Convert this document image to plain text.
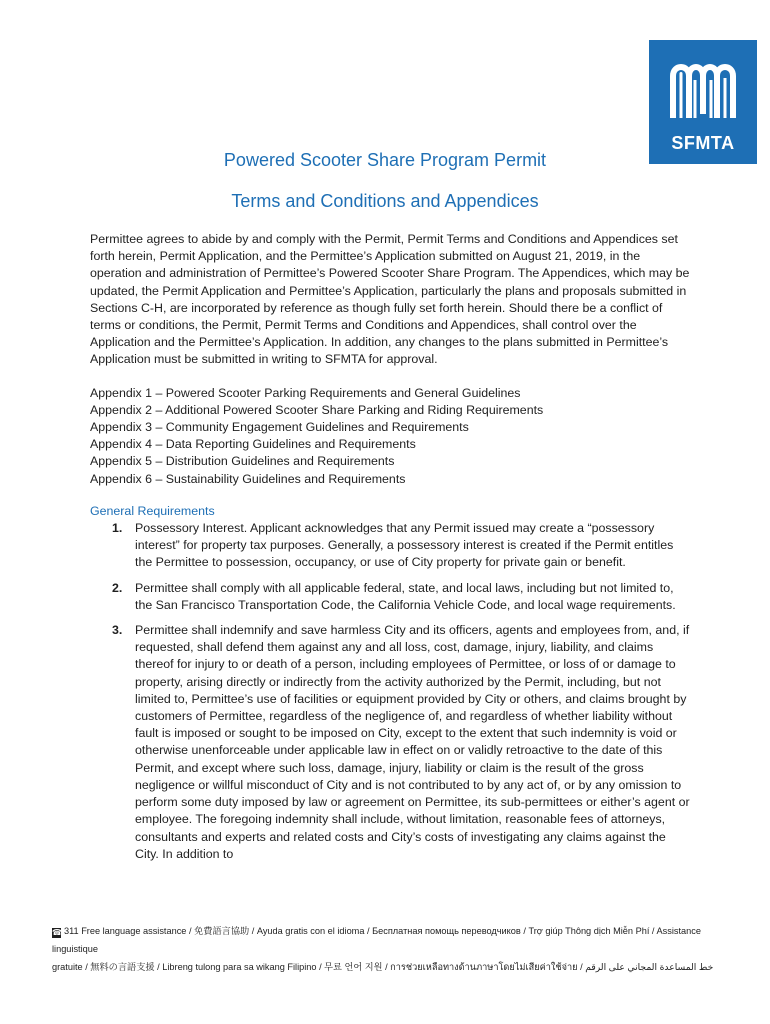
SFMTA
Powered Scooter Share Program Permit
Terms and Conditions and Appendices

Permittee agrees to abide by and comply with the Permit, Permit Terms and Conditions and Appendices set forth herein, Permit Application, and the Permittee’s Application submitted on August 21, 2019, in the operation and administration of Permittee’s Powered Scooter Share Program. The Appendices, which may be updated, the Permit Application and Permittee’s Application, particularly the plans and proposals submitted in Sections C-H, are incorporated by reference as though fully set forth herein. Should there be a conflict of terms or conditions, the Permit, Permit Terms and Conditions and Appendices, shall control over the Application and the Permittee’s Application. In addition, any changes to the plans submitted in Permittee’s Application must be submitted in writing to SFMTA for approval.

Appendix 1 – Powered Scooter Parking Requirements and General Guidelines
Appendix 2 – Additional Powered Scooter Share Parking and Riding Requirements
Appendix 3 – Community Engagement Guidelines and Requirements
Appendix 4 – Data Reporting Guidelines and Requirements
Appendix 5 – Distribution Guidelines and Requirements
Appendix 6 – Sustainability Guidelines and Requirements
General Requirements
1. Possessory Interest. Applicant acknowledges that any Permit issued may create a “possessory interest” for property tax purposes. Generally, a possessory interest is created if the Permit entitles the Permittee to possession, occupancy, or use of City property for private gain or benefit.
2. Permittee shall comply with all applicable federal, state, and local laws, including but not limited to, the San Francisco Transportation Code, the California Vehicle Code, and local wage requirements.
3. Permittee shall indemnify and save harmless City and its officers, agents and employees from, and, if requested, shall defend them against any and all loss, cost, damage, injury, liability, and claims thereof for injury to or death of a person, including employees of Permittee, or loss of or damage to property, arising directly or indirectly from the activity authorized by the Permit, including, but not limited to, Permittee’s use of facilities or equipment provided by City or others, and claims brought by customers of Permittee, regardless of the negligence of, and regardless of whether liability without fault is imposed or sought to be imposed on City, except to the extent that such indemnity is void or otherwise unenforceable under applicable law in effect on or validly retroactive to the date of this Permit, and except where such loss, damage, injury, liability or claim is the result of the gross negligence or willful misconduct of City and is not contributed to by any act of, or by any omission to perform some duty imposed by law or agreement on Permittee, its sub-permittees or either’s agent or employee. The foregoing indemnity shall include, without limitation, reasonable fees of attorneys, consultants and experts and related costs and City’s costs of investigating any claims against the City. In addition to
☎ 311 Free language assistance / 免費語言協助 / Ayuda gratis con el idioma / Бесплатная помощь переводчиков / Trợ giúp Thông dịch Miễn Phí / Assistance linguistique
gratuite / 無料の言語支援 / Libreng tulong para sa wikang Filipino / 무료 언어 지원 / การช่วยเหลือทางด้านภาษาโดยไม่เสียค่าใช้จ่าย / خط المساعدة المجاني على الرقم
